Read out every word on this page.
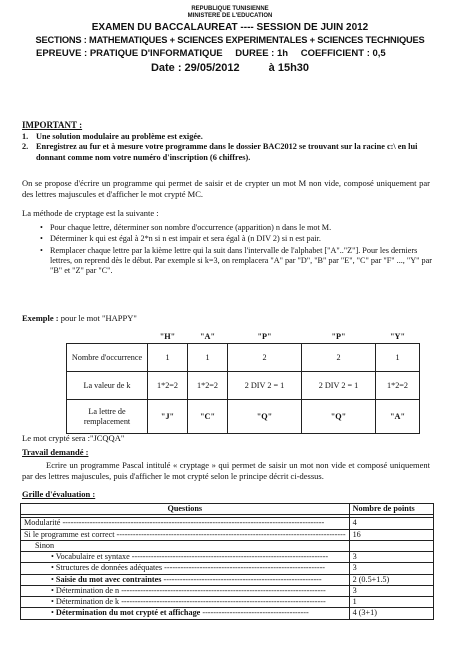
REPUBLIQUE TUNISIENNE
MINISTERE DE L'EDUCATION
EXAMEN DU BACCALAUREAT ---- SESSION DE JUIN 2012
SECTIONS : MATHEMATIQUES + SCIENCES EXPERIMENTALES + SCIENCES TECHNIQUES
EPREUVE : PRATIQUE D'INFORMATIQUE DUREE : 1h COEFFICIENT : 0,5
Date : 29/05/2012	à 15h30
IMPORTANT :
1. Une solution modulaire au problème est exigée.
2. Enregistrez au fur et à mesure votre programme dans le dossier BAC2012 se trouvant sur la racine c:\ en lui donnant comme nom votre numéro d'inscription (6 chiffres).
On se propose d'écrire un programme qui permet de saisir et de crypter un mot M non vide, composé uniquement par des lettres majuscules et d'afficher le mot crypté MC.
La méthode de cryptage est la suivante :
• Pour chaque lettre, déterminer son nombre d'occurrence (apparition) n dans le mot M.
• Déterminer k qui est égal à 2*n si n est impair et sera égal à (n DIV 2) si n est pair.
• Remplacer chaque lettre par la kième lettre qui la suit dans l'intervalle de l'alphabet ["A".."Z"]. Pour les derniers lettres, on reprend dès le début. Par exemple si k=3, on remplacera "A" par "D", "B" par "E", "C" par "F" ..., "Y" par "B" et "Z" par "C".
Exemple : pour le mot "HAPPY"
	"H"	"A"	"P"	"P"	"Y"
Nombre d'occurrence	1	1	2	2	1
La valeur de k	1*2=2	1*2=2	2 DIV 2 = 1	2 DIV 2 = 1	1*2=2
La lettre de remplacement	"J"	"C"	"Q"	"Q"	"A"
Le mot crypté sera :"JCQQA"
Travail demandé :
Ecrire un programme Pascal intitulé « cryptage » qui permet de saisir un mot non vide et composé uniquement par des lettres majuscules, puis d'afficher le mot crypté selon le principe décrit ci-dessus.
Grille d'évaluation :
Questions	Nombre de points

Modularité ------------------------------------------------------------------------------------------------	4
Si le programme est correct ------------------------------------------------------------------------------------	16
Sinon	
• Vocabulaire et syntaxe ------------------------------------------------------------------------	3
• Structures de données adéquates -----------------------------------------------------------	3
• Saisie du mot avec contraintes ----------------------------------------------------------	2 (0.5+1.5)
• Détermination de n ---------------------------------------------------------------------------	3
• Détermination de k ---------------------------------------------------------------------------	1
• Détermination du mot crypté et affichage ---------------------------------------	4 (3+1)
